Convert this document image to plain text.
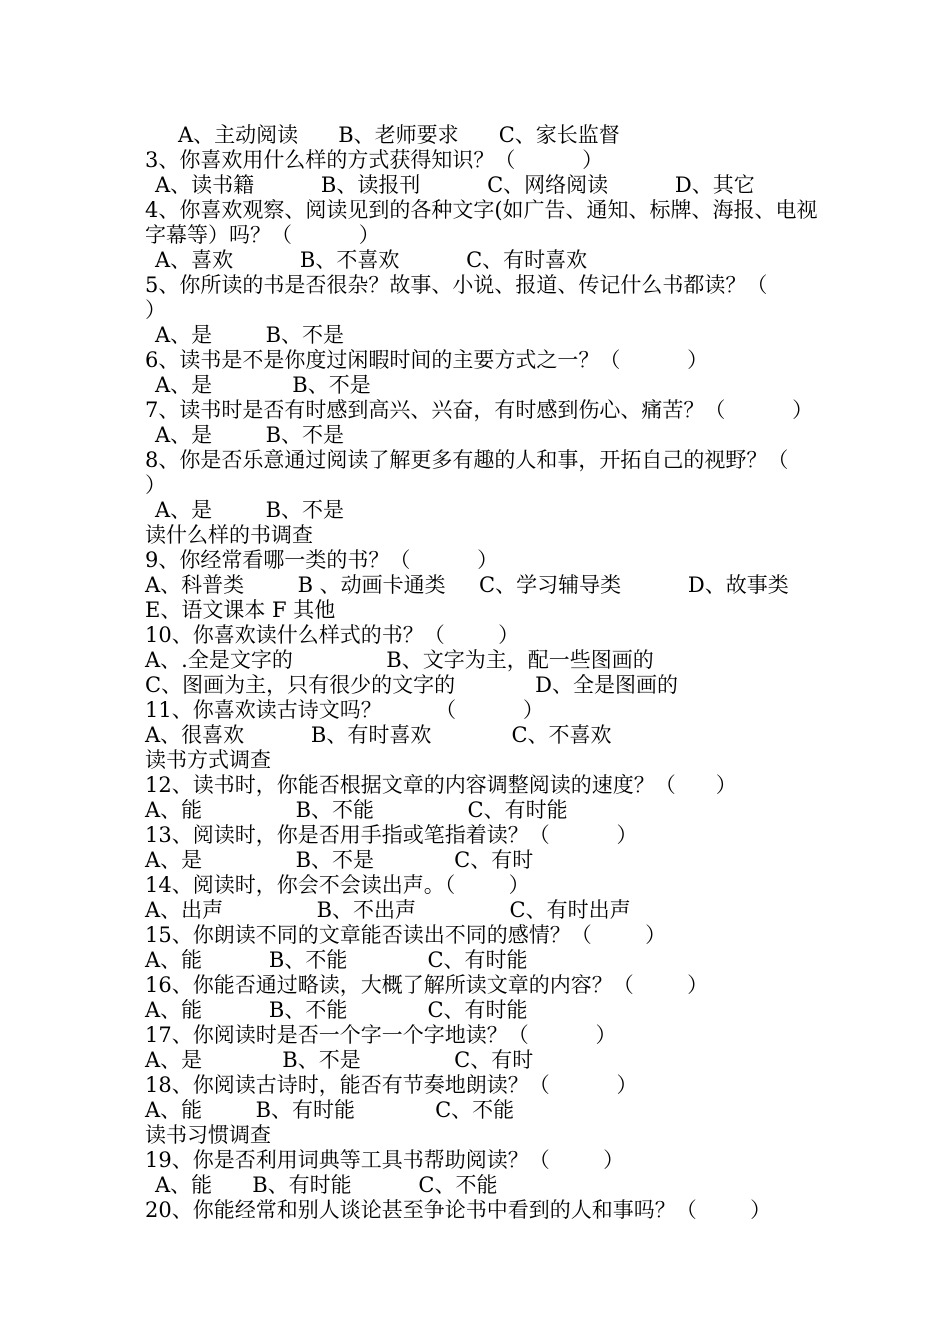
A、主动阅读      B、老师要求      C、家长监督
3、你喜欢用什么样的方式获得知识？（          ）
A、读书籍          B、读报刊          C、网络阅读          D、其它
4、你喜欢观察、阅读见到的各种文字(如广告、通知、标牌、海报、电视
字幕等）吗？（          ）
A、喜欢          B、不喜欢          C、有时喜欢
5、你所读的书是否很杂？故事、小说、报道、传记什么书都读？（
）
A、是        B、不是
6、读书是不是你度过闲暇时间的主要方式之一？（          ）
A、是            B、不是
7、读书时是否有时感到高兴、兴奋，有时感到伤心、痛苦？（          ）
A、是        B、不是
8、你是否乐意通过阅读了解更多有趣的人和事，开拓自己的视野？（
）
A、是        B、不是
读什么样的书调查
9、你经常看哪一类的书？（          ）
A、科普类        B 、动画卡通类     C、学习辅导类          D、故事类
E、语文课本 F 其他
10、你喜欢读什么样式的书？（        ）
A、.全是文字的              B、文字为主，配一些图画的
C、图画为主，只有很少的文字的            D、全是图画的
11、你喜欢读古诗文吗？        （          ）
A、很喜欢          B、有时喜欢            C、不喜欢
读书方式调查
12、读书时，你能否根据文章的内容调整阅读的速度？（      ）
A、能              B、不能              C、有时能
13、阅读时，你是否用手指或笔指着读？（          ）
A、是              B、不是            C、有时
14、阅读时，你会不会读出声。（        ）
A、出声              B、不出声              C、有时出声
15、你朗读不同的文章能否读出不同的感情？（        ）
A、能          B、不能            C、有时能
16、你能否通过略读，大概了解所读文章的内容？（        ）
A、能          B、不能            C、有时能
17、你阅读时是否一个字一个字地读？（          ）
A、是            B、不是              C、有时
18、你阅读古诗时，能否有节奏地朗读？（          ）
A、能        B、有时能            C、不能
读书习惯调查
19、你是否利用词典等工具书帮助阅读？（        ）
A、能      B、有时能          C、不能
20、你能经常和别人谈论甚至争论书中看到的人和事吗？（        ）
